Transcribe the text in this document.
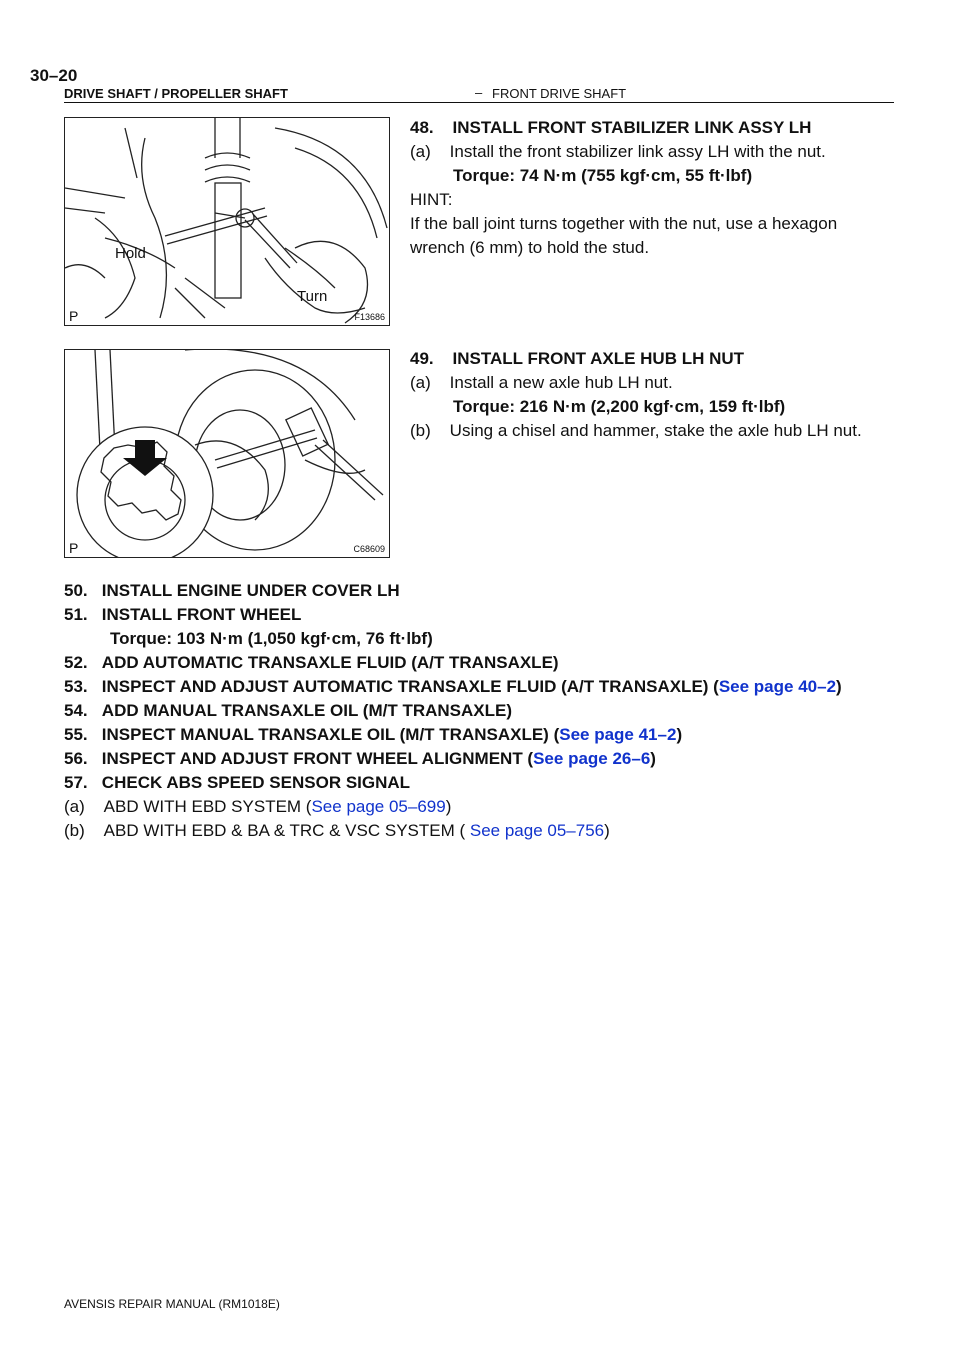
30–20
DRIVE SHAFT / PROPELLER SHAFT	– FRONT DRIVE SHAFT
Hold
Turn
P	F13686
P	C68609
48.    INSTALL FRONT STABILIZER LINK ASSY LH
(a)    Install the front stabilizer link assy LH with the nut.
Torque: 74 N·m (755 kgf·cm, 55 ft·lbf)
HINT:
If the ball joint turns together with the nut, use a hexagon
wrench (6 mm) to hold the stud.
49.    INSTALL FRONT AXLE HUB LH NUT
(a)    Install a new axle hub LH nut.
Torque: 216 N·m (2,200 kgf·cm, 159 ft·lbf)
(b)    Using a chisel and hammer, stake the axle hub LH nut.
50.   INSTALL ENGINE UNDER COVER LH
51.   INSTALL FRONT WHEEL
Torque: 103 N·m (1,050 kgf·cm, 76 ft·lbf)
52.   ADD AUTOMATIC TRANSAXLE FLUID (A/T TRANSAXLE)
53.   INSPECT AND ADJUST AUTOMATIC TRANSAXLE FLUID (A/T TRANSAXLE) (See page 40–2)
54.   ADD MANUAL TRANSAXLE OIL (M/T TRANSAXLE)
55.   INSPECT MANUAL TRANSAXLE OIL (M/T TRANSAXLE) (See page 41–2)
56.   INSPECT AND ADJUST FRONT WHEEL ALIGNMENT (See page 26–6)
57.   CHECK ABS SPEED SENSOR SIGNAL
(a)    ABD WITH EBD SYSTEM (See page 05–699)
(b)    ABD WITH EBD & BA & TRC & VSC SYSTEM ( See page 05–756)
AVENSIS REPAIR MANUAL (RM1018E)
